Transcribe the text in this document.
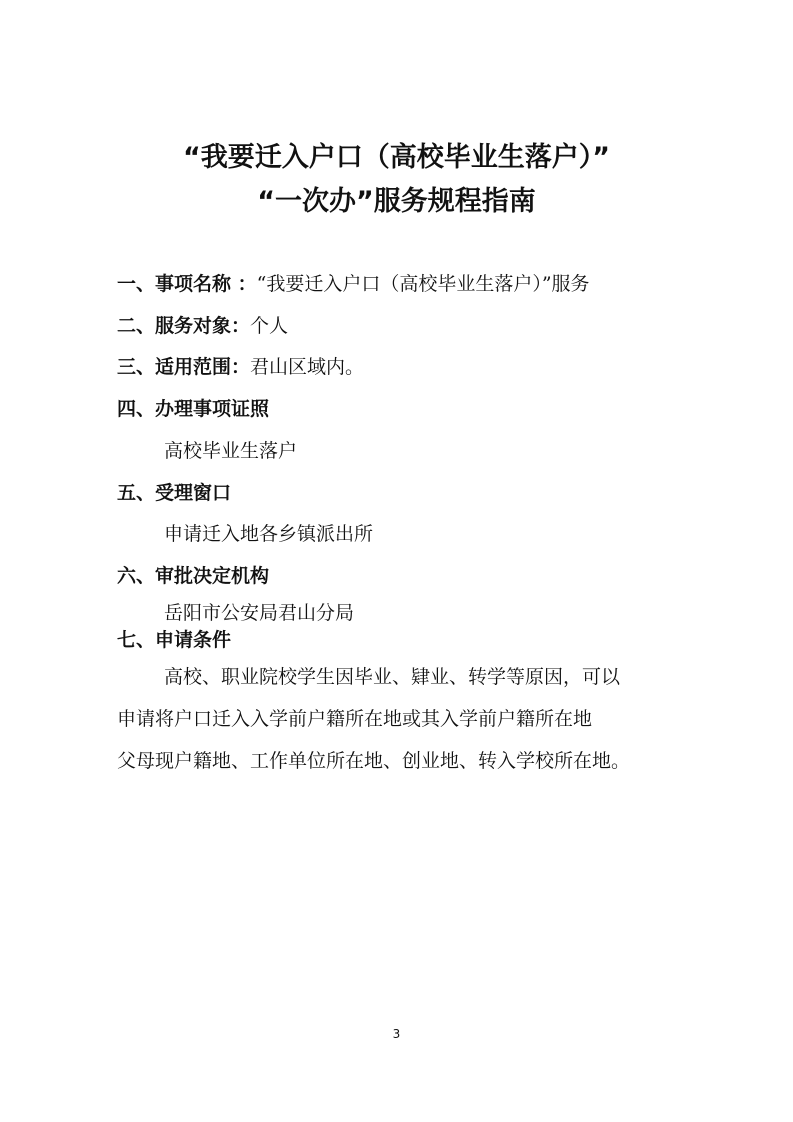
“我要迁入户口（高校毕业生落户）”
“一次办”服务规程指南
一、事项名称 ：“我要迁入户口（高校毕业生落户）”服务
二、服务对象：个人
三、适用范围：君山区域内。
四、办理事项证照
高校毕业生落户
五、受理窗口
申请迁入地各乡镇派出所
六、审批决定机构
岳阳市公安局君山分局
七、申请条件
高校、职业院校学生因毕业、肄业、转学等原因，可以
申请将户口迁入入学前户籍所在地或其入学前户籍所在地
父母现户籍地、工作单位所在地、创业地、转入学校所在地。
3
